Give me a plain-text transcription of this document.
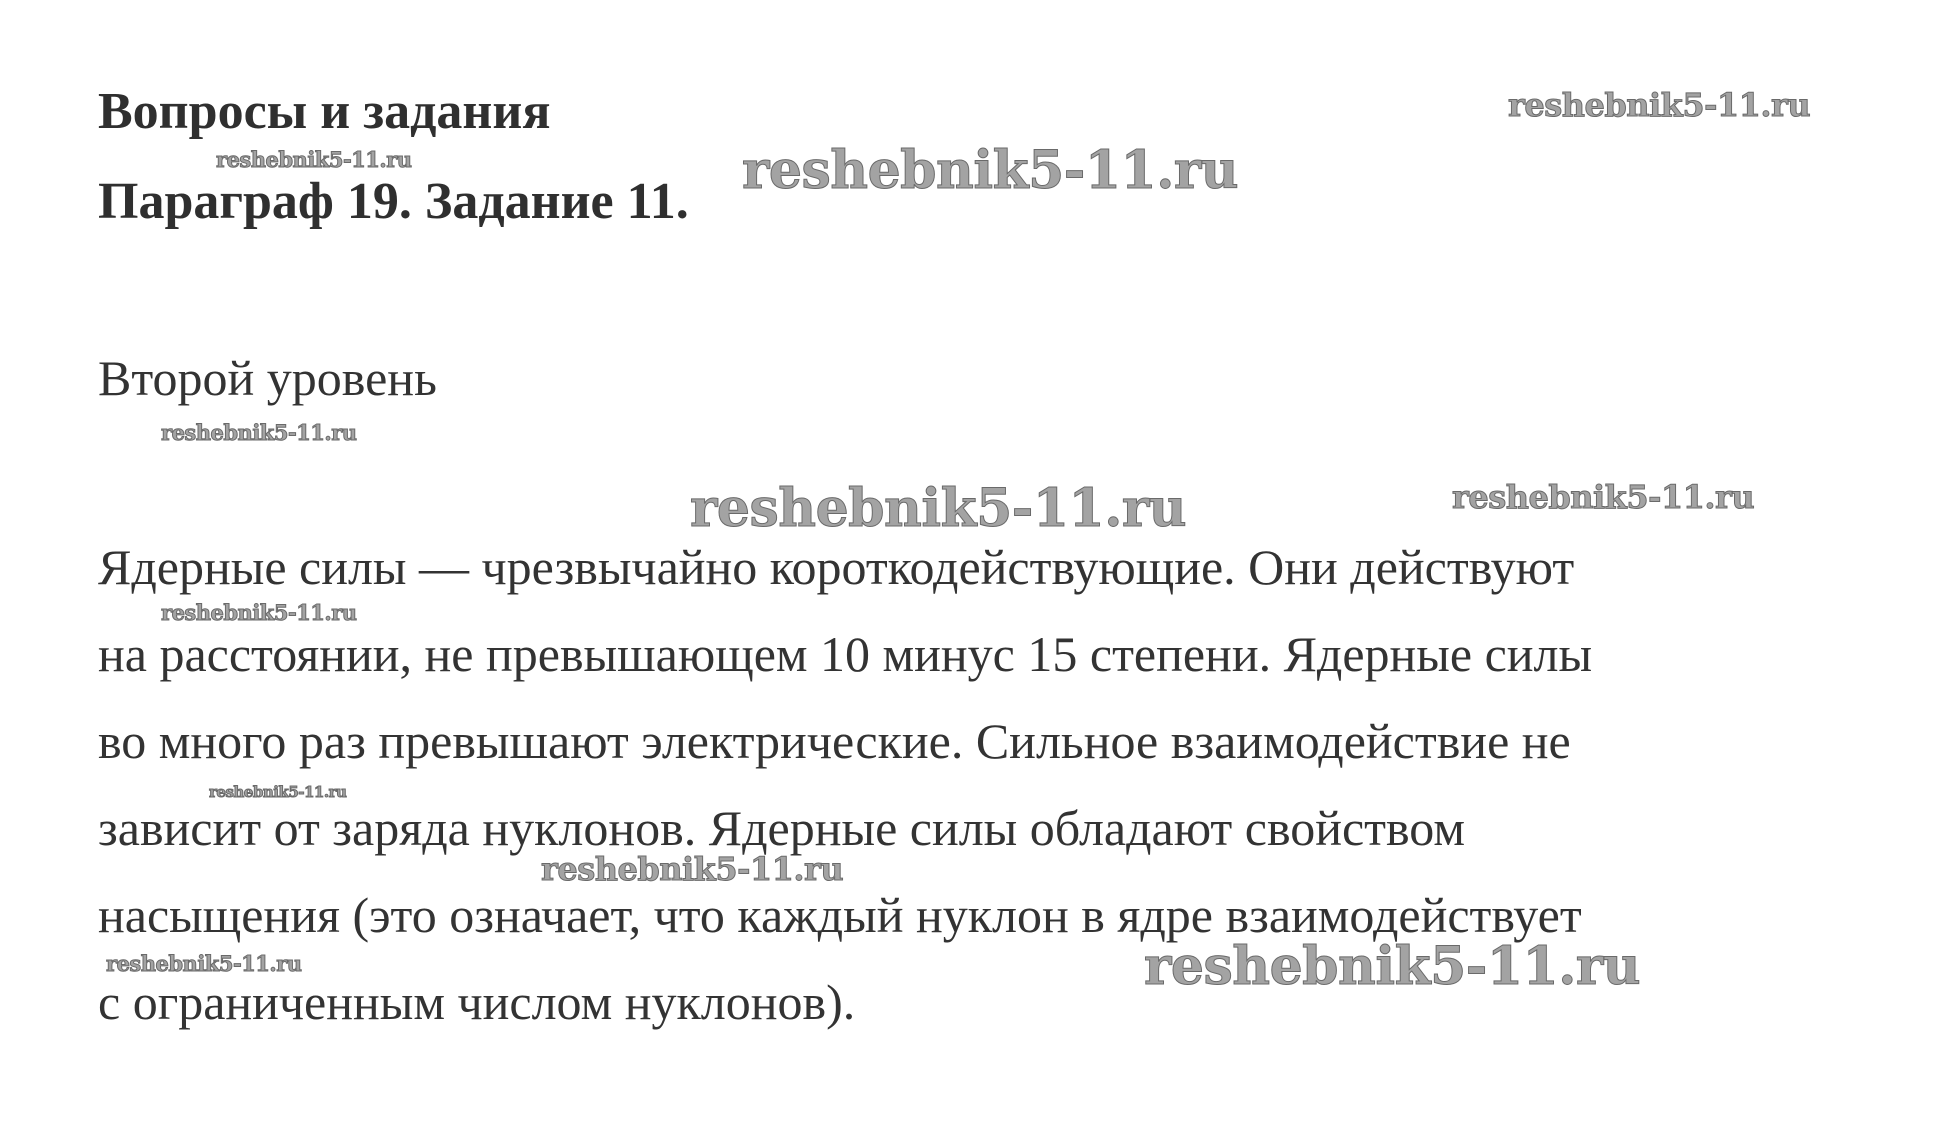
Вопросы и задания
Параграф 19. Задание 11.

Второй уровень

Ядерные силы — чрезвычайно короткодействующие. Они действуют
на расстоянии, не превышающем 10 минус 15 степени. Ядерные силы
во много раз превышают электрические. Сильное взаимодействие не
зависит от заряда нуклонов. Ядерные силы обладают свойством
насыщения (это означает, что каждый нуклон в ядре взаимодействует
с ограниченным числом нуклонов).

reshebnik5-11.ru
reshebnik5-11.ru	reshebnik5-11.ru
reshebnik5-11.ru
reshebnik5-11.ru	reshebnik5-11.ru
reshebnik5-11.ru
reshebnik5-11.ru
reshebnik5-11.ru
reshebnik5-11.ru	reshebnik5-11.ru
